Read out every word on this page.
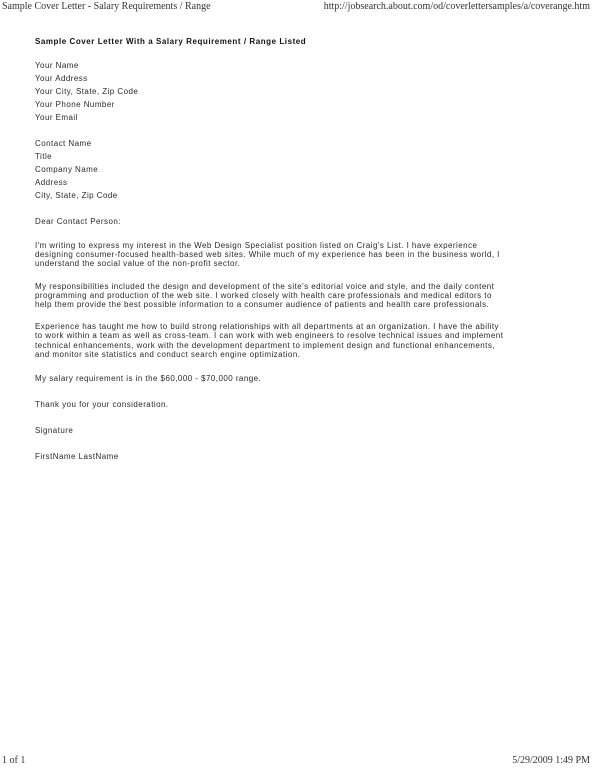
Sample Cover Letter - Salary Requirements / Range	http://jobsearch.about.com/od/coverlettersamples/a/coverange.htm
Sample Cover Letter With a Salary Requirement / Range Listed
Your Name
Your Address
Your City, State, Zip Code
Your Phone Number
Your Email
Contact Name
Title
Company Name
Address
City, State, Zip Code
Dear Contact Person:
I'm writing to express my interest in the Web Design Specialist position listed on Craig's List. I have experience
designing consumer-focused health-based web sites. While much of my experience has been in the business world, I
understand the social value of the non-profit sector.
My responsibilities included the design and development of the site's editorial voice and style, and the daily content
programming and production of the web site. I worked closely with health care professionals and medical editors to
help them provide the best possible information to a consumer audience of patients and health care professionals.
Experience has taught me how to build strong relationships with all departments at an organization. I have the ability
to work within a team as well as cross-team. I can work with web engineers to resolve technical issues and implement
technical enhancements, work with the development department to implement design and functional enhancements,
and monitor site statistics and conduct search engine optimization.
My salary requirement is in the $60,000 - $70,000 range.
Thank you for your consideration.
Signature
FirstName LastName
1 of 1	5/29/2009 1:49 PM
